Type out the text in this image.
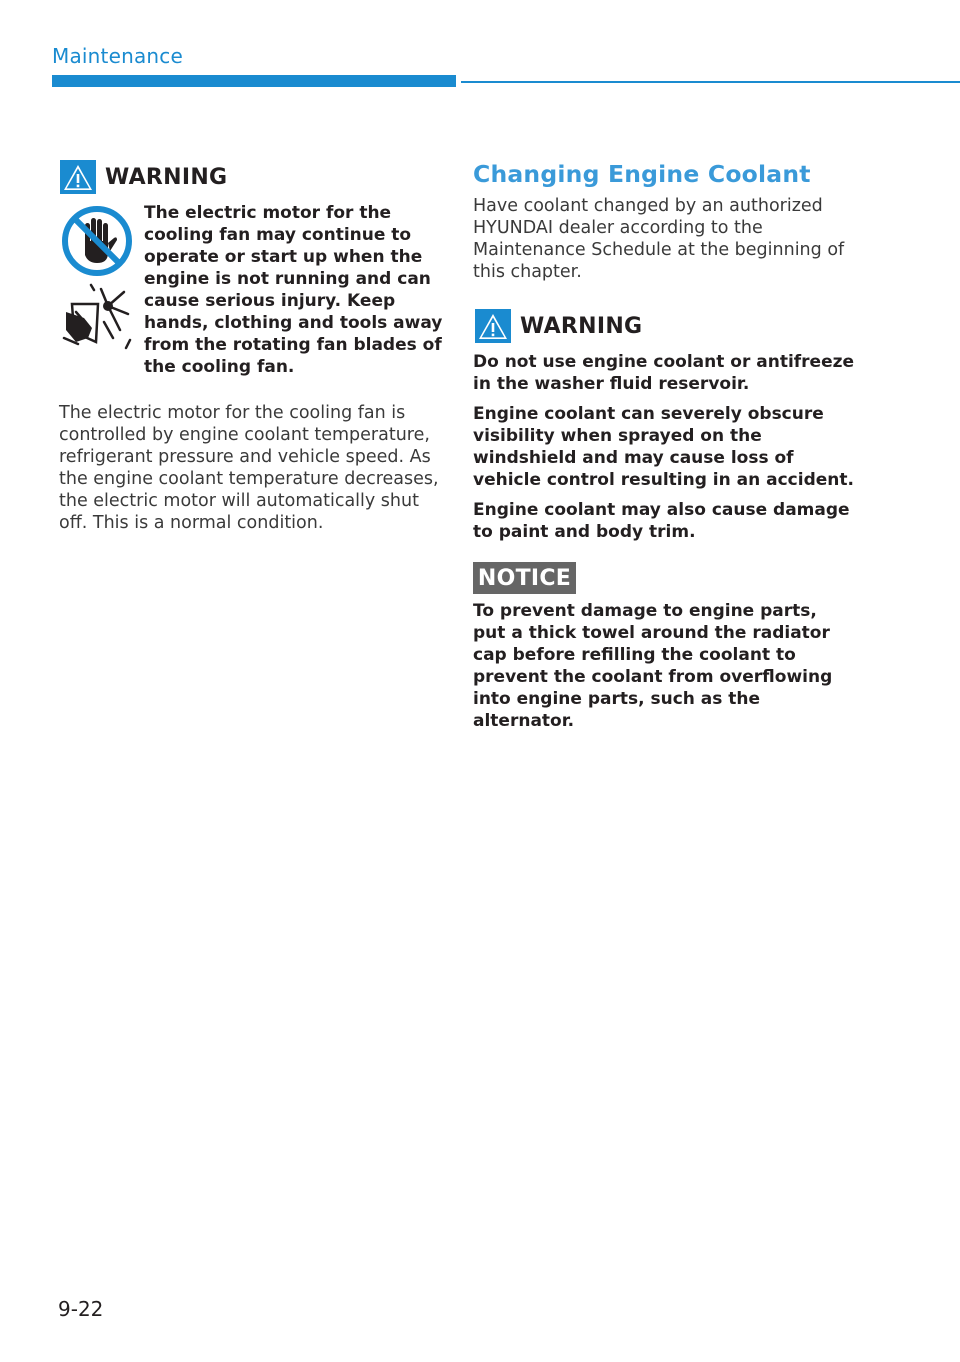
Maintenance
WARNING
The electric motor for the cooling fan may continue to operate or start up when the engine is not running and can cause serious injury. Keep hands, clothing and tools away from the rotating fan blades of the cooling fan.

The electric motor for the cooling fan is controlled by engine coolant temperature, refrigerant pressure and vehicle speed. As the engine coolant temperature decreases, the electric motor will automatically shut off. This is a normal condition.

Changing Engine Coolant

Have coolant changed by an authorized HYUNDAI dealer according to the Maintenance Schedule at the beginning of this chapter.

WARNING

Do not use engine coolant or antifreeze in the washer fluid reservoir.

Engine coolant can severely obscure visibility when sprayed on the windshield and may cause loss of vehicle control resulting in an accident.

Engine coolant may also cause damage to paint and body trim.

NOTICE
To prevent damage to engine parts, put a thick towel around the radiator cap before refilling the coolant to prevent the coolant from overflowing into engine parts, such as the alternator.
9-22
